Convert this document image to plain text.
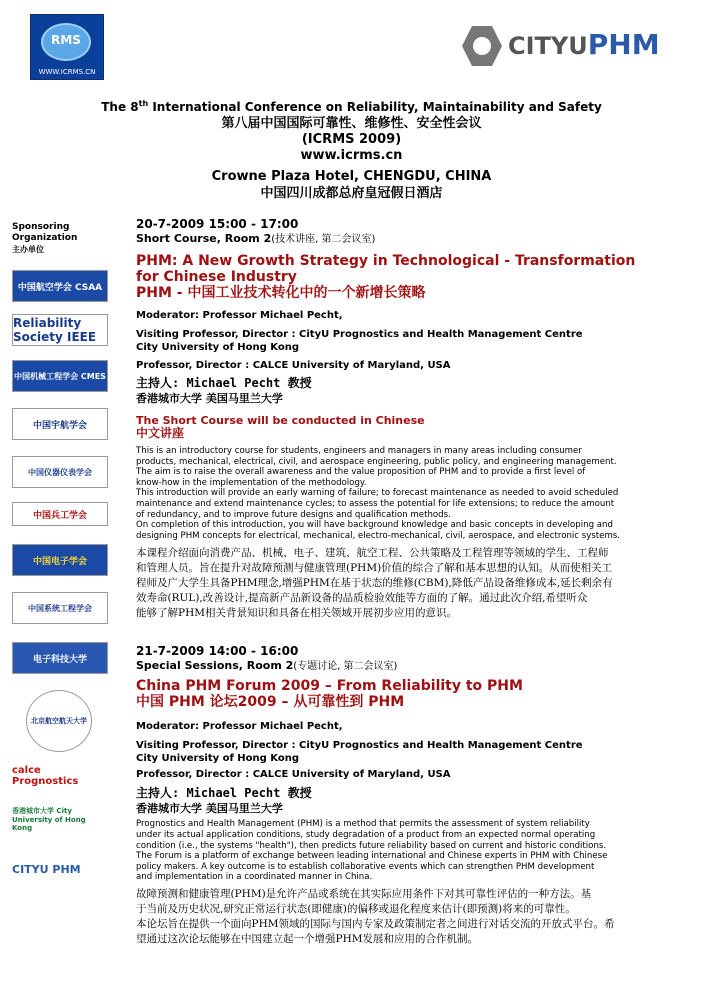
RMS
WWW.ICRMS.CN
CITYUPHM
The 8th International Conference on Reliability, Maintainability and Safety
第八届中国国际可靠性、维修性、安全性会议
(ICRMS 2009)
www.icrms.cn
Crowne Plaza Hotel, CHENGDU, CHINA
中国四川成都总府皇冠假日酒店
Sponsoring
Organization
主办单位
中国航空学会 CSAA
Reliability Society IEEE
中国机械工程学会 CMES
中国宇航学会
中国仪器仪表学会
中国兵工学会
中国电子学会
中国系统工程学会
电子科技大学
北京航空航天大学
calce Prognostics
香港城市大学 City University of Hong Kong
CITYU PHM
20-7-2009 15:00 - 17:00
Short Course, Room 2(技术讲座, 第二会议室)
PHM: A New Growth Strategy in Technological - Transformation
for Chinese Industry
PHM - 中国工业技术转化中的一个新增长策略
Moderator: Professor Michael Pecht,
Visiting Professor, Director : CityU Prognostics and Health Management Centre
City University of Hong Kong
Professor, Director : CALCE University of Maryland, USA
主持人: Michael Pecht 教授
香港城市大学 美国马里兰大学
The Short Course will be conducted in Chinese
中文讲座
This is an introductory course for students, engineers and managers in many areas including consumer
products, mechanical, electrical, civil, and aerospace engineering, public policy, and engineering management.
The aim is to raise the overall awareness and the value proposition of PHM and to provide a first level of
know-how in the implementation of the methodology.
This introduction will provide an early warning of failure; to forecast maintenance as needed to avoid scheduled
maintenance and extend maintenance cycles; to assess the potential for life extensions; to reduce the amount
of redundancy, and to improve future designs and qualification methods.
On completion of this introduction, you will have background knowledge and basic concepts in developing and
designing PHM concepts for electrical, mechanical, electro-mechanical, civil, aerospace, and electronic systems.
本课程介绍面向消费产品、机械、电子、建筑、航空工程、公共策略及工程管理等领域的学生、工程师
和管理人员。旨在提升对故障预测与健康管理(PHM)价值的综合了解和基本思想的认知。从而使相关工
程师及广大学生具备PHM理念,增强PHM在基于状态的维修(CBM),降低产品设备维修成本,延长剩余有
效寿命(RUL),改善设计,提高新产品新设备的品质检验效能等方面的了解。通过此次介绍,希望听众
能够了解PHM相关背景知识和具备在相关领域开展初步应用的意识。
21-7-2009 14:00 - 16:00
Special Sessions, Room 2(专题讨论, 第二会议室)
China PHM Forum 2009 – From Reliability to PHM
中国 PHM 论坛2009 – 从可靠性到 PHM
Moderator: Professor Michael Pecht,
Visiting Professor, Director : CityU Prognostics and Health Management Centre
City University of Hong Kong
Professor, Director : CALCE University of Maryland, USA
主持人: Michael Pecht 教授
香港城市大学 美国马里兰大学
Prognostics and Health Management (PHM) is a method that permits the assessment of system reliability
under its actual application conditions, study degradation of a product from an expected normal operating
condition (i.e., the systems "health"), then predicts future reliability based on current and historic conditions.
The Forum is a platform of exchange between leading international and Chinese experts in PHM with Chinese
policy makers. A key outcome is to establish collaborative events which can strengthen PHM development
and implementation in a coordinated manner in China.
故障预测和健康管理(PHM)是允许产品或系统在其实际应用条件下对其可靠性评估的一种方法。基
于当前及历史状况,研究正常运行状态(即健康)的偏移或退化程度来估计(即预测)将来的可靠性。
本论坛旨在提供一个面向PHM领域的国际与国内专家及政策制定者之间进行对话交流的开放式平台。希
望通过这次论坛能够在中国建立起一个增强PHM发展和应用的合作机制。
